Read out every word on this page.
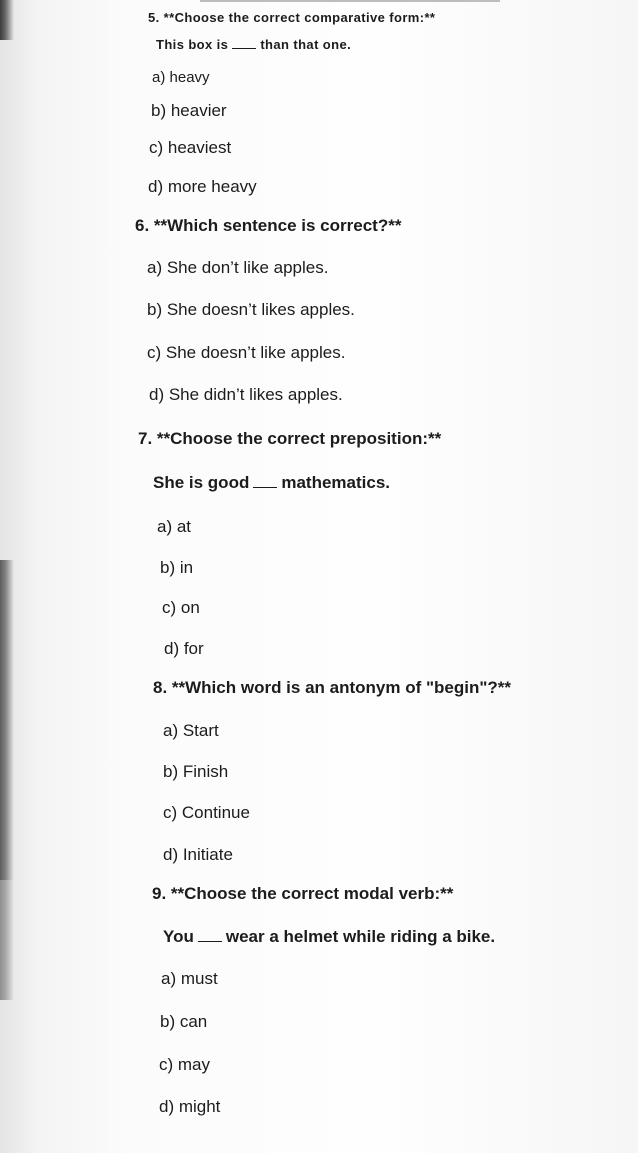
5. **Choose the correct comparative form:**
This box is than that one.
a) heavy
b) heavier
c) heaviest
d) more heavy
6. **Which sentence is correct?**
a) She don’t like apples.
b) She doesn’t likes apples.
c) She doesn’t like apples.
d) She didn’t likes apples.
7. **Choose the correct preposition:**
She is good mathematics.
a) at
b) in
c) on
d) for
8. **Which word is an antonym of "begin"?**
a) Start
b) Finish
c) Continue
d) Initiate
9. **Choose the correct modal verb:**
You wear a helmet while riding a bike.
a) must
b) can
c) may
d) might
